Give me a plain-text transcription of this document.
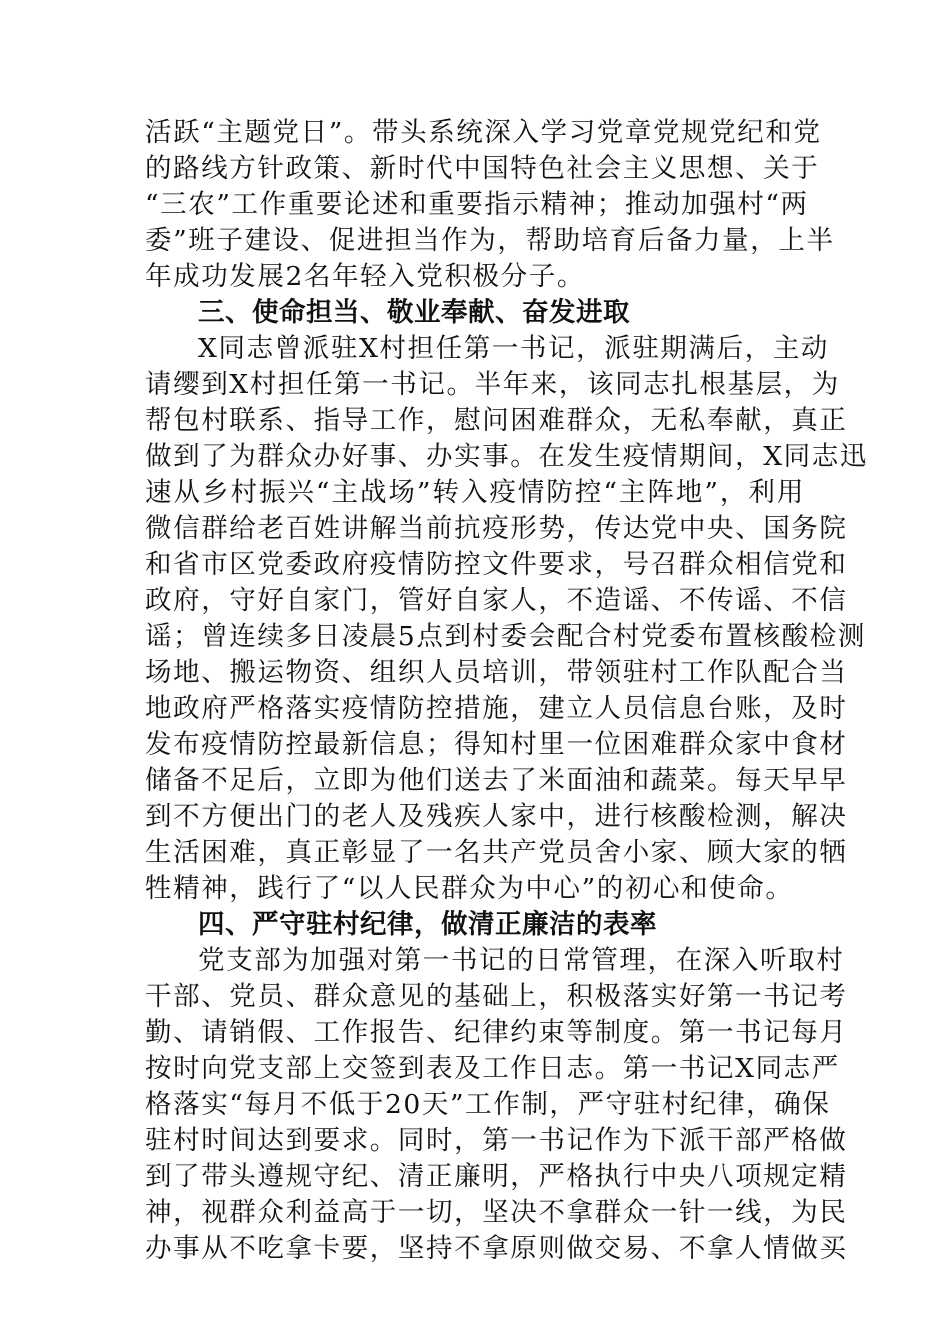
活跃“主题党日”。带头系统深入学习党章党规党纪和党
的路线方针政策、新时代中国特色社会主义思想、关于
“三农”工作重要论述和重要指示精神；推动加强村“两
委”班子建设、促进担当作为，帮助培育后备力量，上半
年成功发展2名年轻入党积极分子。
三、使命担当、敬业奉献、奋发进取
X同志曾派驻X村担任第一书记，派驻期满后，主动
请缨到X村担任第一书记。半年来，该同志扎根基层，为
帮包村联系、指导工作，慰问困难群众，无私奉献，真正
做到了为群众办好事、办实事。在发生疫情期间，X同志迅
速从乡村振兴“主战场”转入疫情防控“主阵地”，利用
微信群给老百姓讲解当前抗疫形势，传达党中央、国务院
和省市区党委政府疫情防控文件要求，号召群众相信党和
政府，守好自家门，管好自家人，不造谣、不传谣、不信
谣；曾连续多日凌晨5点到村委会配合村党委布置核酸检测
场地、搬运物资、组织人员培训，带领驻村工作队配合当
地政府严格落实疫情防控措施，建立人员信息台账，及时
发布疫情防控最新信息；得知村里一位困难群众家中食材
储备不足后，立即为他们送去了米面油和蔬菜。每天早早
到不方便出门的老人及残疾人家中，进行核酸检测，解决
生活困难，真正彰显了一名共产党员舍小家、顾大家的牺
牲精神，践行了“以人民群众为中心”的初心和使命。
四、严守驻村纪律，做清正廉洁的表率
党支部为加强对第一书记的日常管理，在深入听取村
干部、党员、群众意见的基础上，积极落实好第一书记考
勤、请销假、工作报告、纪律约束等制度。第一书记每月
按时向党支部上交签到表及工作日志。第一书记X同志严
格落实“每月不低于20天”工作制，严守驻村纪律，确保
驻村时间达到要求。同时，第一书记作为下派干部严格做
到了带头遵规守纪、清正廉明，严格执行中央八项规定精
神，视群众利益高于一切，坚决不拿群众一针一线，为民
办事从不吃拿卡要，坚持不拿原则做交易、不拿人情做买
